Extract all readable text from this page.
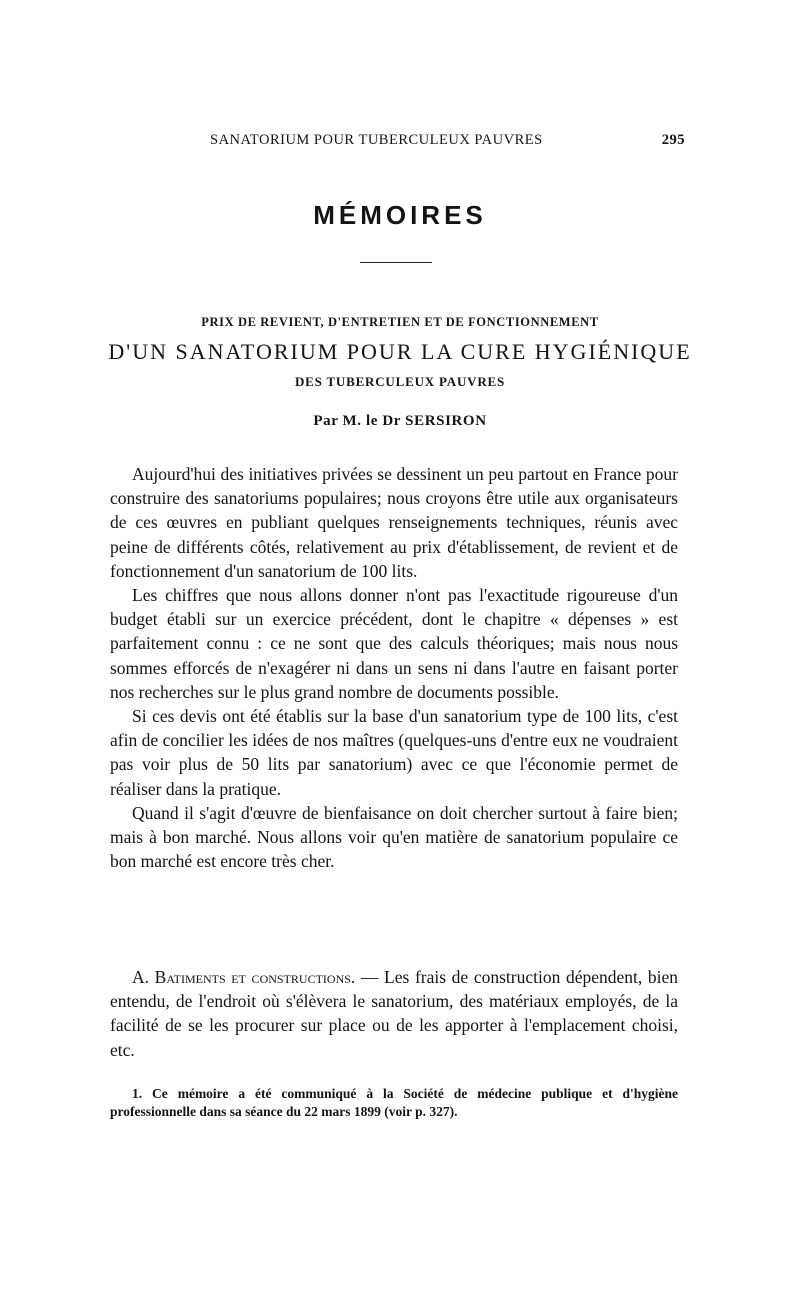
SANATORIUM POUR TUBERCULEUX PAUVRES	295
MÉMOIRES
PRIX DE REVIENT, D'ENTRETIEN ET DE FONCTIONNEMENT
D'UN SANATORIUM POUR LA CURE HYGIÉNIQUE
DES TUBERCULEUX PAUVRES
Par M. le Dr SERSIRON

Aujourd'hui des initiatives privées se dessinent un peu partout en France pour construire des sanatoriums populaires; nous croyons être utile aux organisateurs de ces œuvres en publiant quelques renseignements techniques, réunis avec peine de différents côtés, relativement au prix d'établissement, de revient et de fonctionnement d'un sanatorium de 100 lits.

Les chiffres que nous allons donner n'ont pas l'exactitude rigoureuse d'un budget établi sur un exercice précédent, dont le chapitre « dépenses » est parfaitement connu : ce ne sont que des calculs théoriques; mais nous nous sommes efforcés de n'exagérer ni dans un sens ni dans l'autre en faisant porter nos recherches sur le plus grand nombre de documents possible.

Si ces devis ont été établis sur la base d'un sanatorium type de 100 lits, c'est afin de concilier les idées de nos maîtres (quelques-uns d'entre eux ne voudraient pas voir plus de 50 lits par sanatorium) avec ce que l'économie permet de réaliser dans la pratique.

Quand il s'agit d'œuvre de bienfaisance on doit chercher surtout à faire bien; mais à bon marché. Nous allons voir qu'en matière de sanatorium populaire ce bon marché est encore très cher.

A. Batiments et constructions. — Les frais de construction dépendent, bien entendu, de l'endroit où s'élèvera le sanatorium, des matériaux employés, de la facilité de se les procurer sur place ou de les apporter à l'emplacement choisi, etc.

1. Ce mémoire a été communiqué à la Société de médecine publique et d'hygiène professionnelle dans sa séance du 22 mars 1899 (voir p. 327).
